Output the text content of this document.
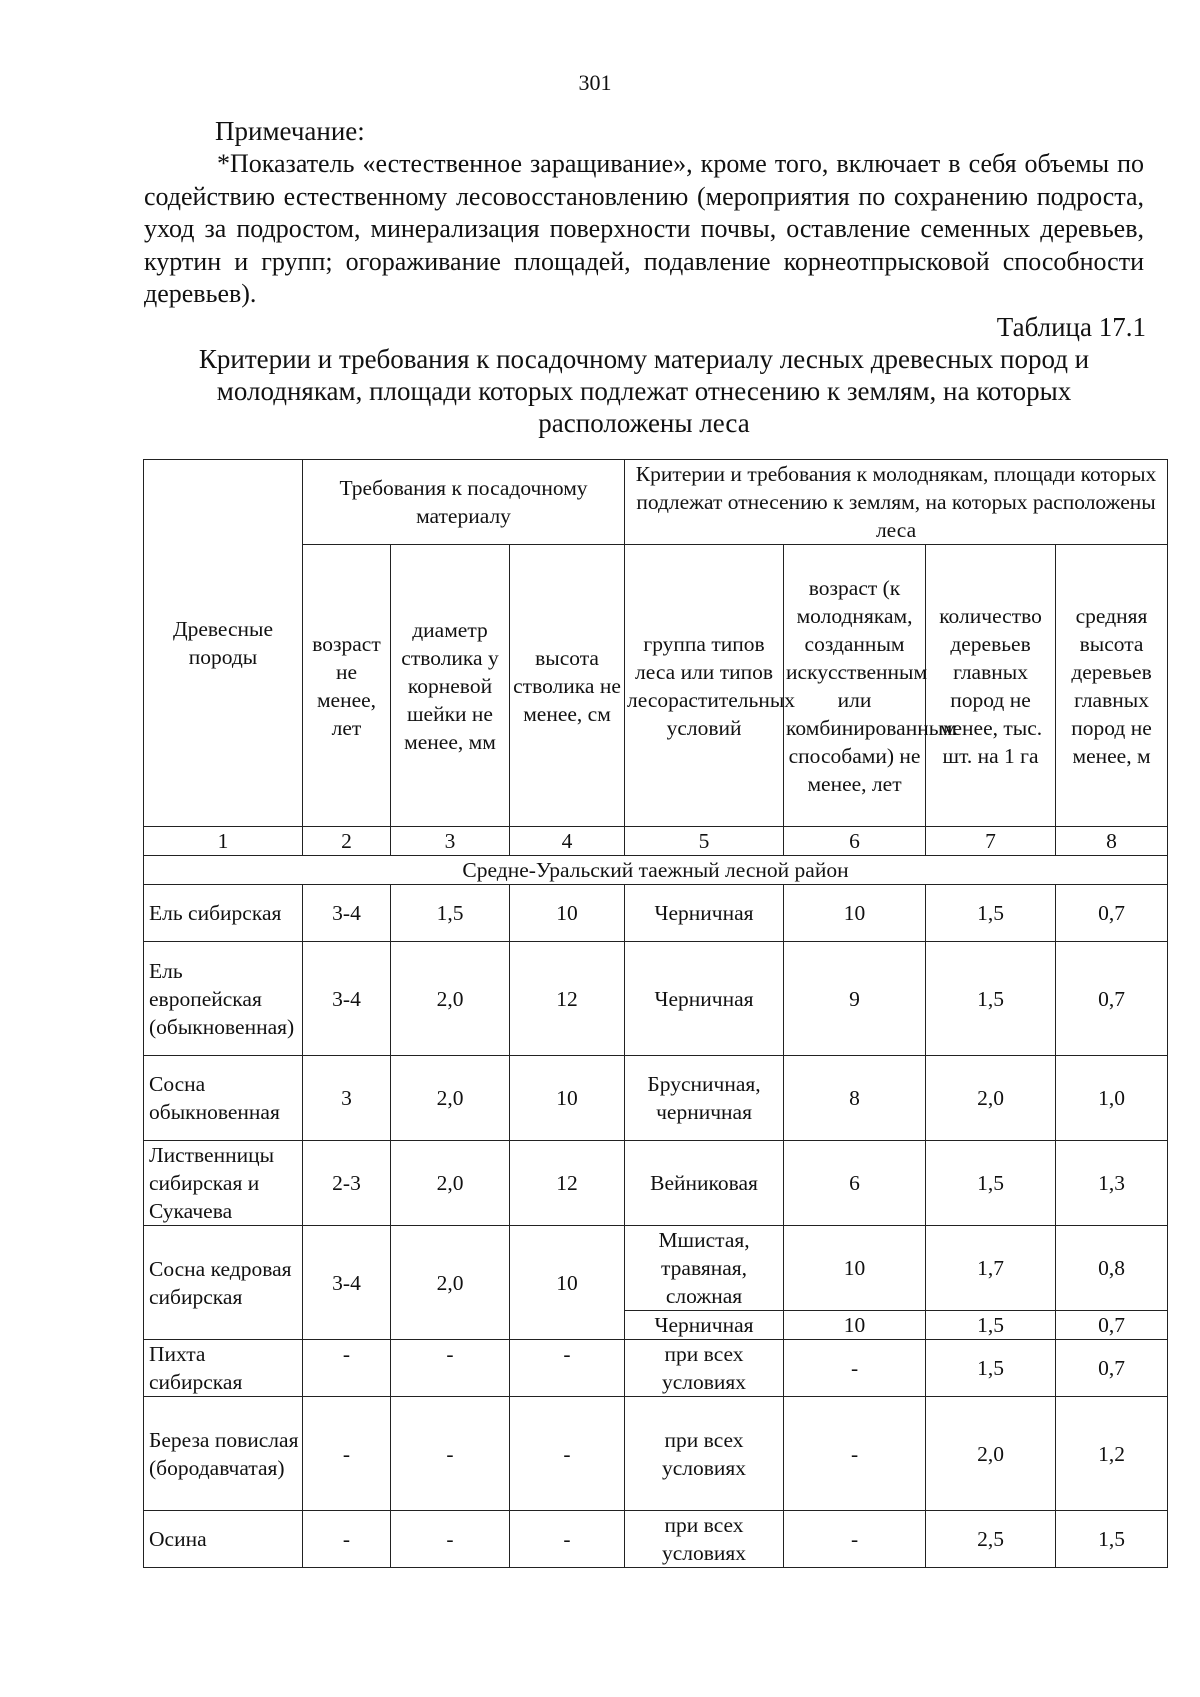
301
Примечание:
*Показатель «естественное заращивание», кроме того, включает в себя объемы по содействию естественному лесовосстановлению (мероприятия по сохранению подроста, уход за подростом, минерализация поверхности почвы, оставление семенных деревьев, куртин и групп; огораживание площадей, подавление корнеотпрысковой способности деревьев).
Таблица 17.1
Критерии и требования к посадочному материалу лесных древесных пород и молоднякам, площади которых подлежат отнесению к землям, на которых расположены леса
Древесные породы	Требования к посадочному материалу			Критерии и требования к молоднякам, площади которых подлежат отнесению к землям, на которых расположены леса			
	возраст не менее, лет	диаметр стволика у корневой шейки не менее, мм	высота стволика не менее, см	группа типов леса или типов лесорастительных условий	возраст (к молоднякам, созданным искусственным или комбинированным способами) не менее, лет	количество деревьев главных пород не менее, тыс. шт. на 1 га	средняя высота деревьев главных пород не менее, м
1	2	3	4	5	6	7	8
Средне-Уральский таежный лесной район							
Ель сибирская	3-4	1,5	10	Черничная	10	1,5	0,7
Ель европейская (обыкновенная)	3-4	2,0	12	Черничная	9	1,5	0,7
Сосна обыкновенная	3	2,0	10	Брусничная, черничная	8	2,0	1,0
Лиственницы сибирская и Сукачева	2-3	2,0	12	Вейниковая	6	1,5	1,3
Сосна кедровая сибирская	3-4	2,0	10	Мшистая, травяная, сложная	10	1,7	0,8
				Черничная	10	1,5	0,7
Пихта сибирская	-	-	-	при всех условиях	-	1,5	0,7
Береза повислая (бородавчатая)	-	-	-	при всех условиях	-	2,0	1,2
Осина	-	-	-	при всех условиях	-	2,5	1,5
